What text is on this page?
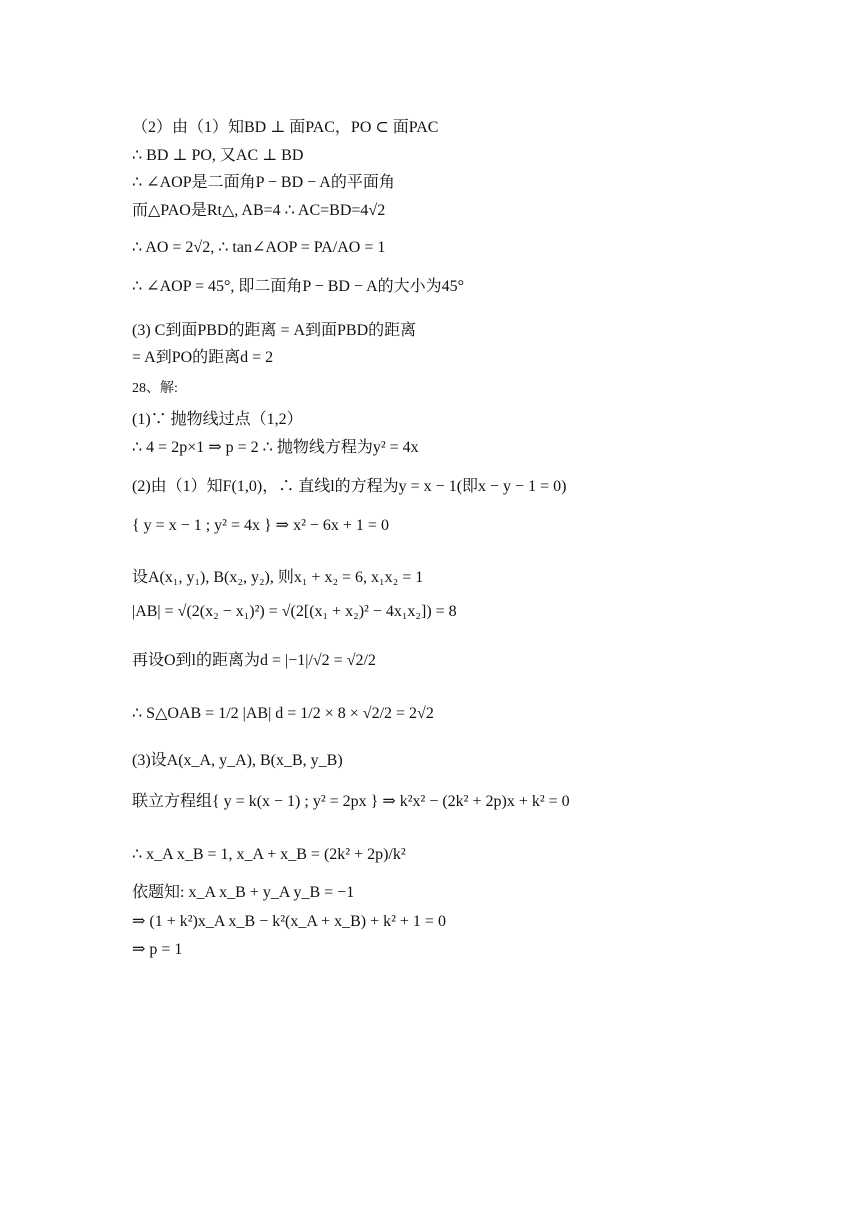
（2）由（1）知BD ⊥ 面PAC，PO ⊂ 面PAC
∴ BD ⊥ PO, 又AC ⊥ BD
∴ ∠AOP是二面角P − BD − A的平面角
而△PAO是Rt△, AB=4 ∴ AC=BD=4√2
∴ AO = 2√2, ∴ tan∠AOP = PA/AO = 1
∴ ∠AOP = 45°, 即二面角P − BD − A的大小为45°
(3) C到面PBD的距离 = A到面PBD的距离
= A到PO的距离d = 2
28、解:
(1)∵ 抛物线过点（1,2）
∴ 4 = 2p×1 ⇒ p = 2 ∴ 抛物线方程为y² = 4x
(2)由（1）知F(1,0)，∴ 直线l的方程为y = x − 1(即x − y − 1 = 0)
{ y = x − 1 ; y² = 4x } ⇒ x² − 6x + 1 = 0
设A(x₁, y₁), B(x₂, y₂), 则x₁ + x₂ = 6, x₁x₂ = 1
|AB| = √(2(x₂ − x₁)²) = √(2[(x₁ + x₂)² − 4x₁x₂]) = 8
再设O到l的距离为d = |−1|/√2 = √2/2
∴ S△OAB = 1/2 |AB| d = 1/2 × 8 × √2/2 = 2√2
(3)设A(x_A, y_A), B(x_B, y_B)
联立方程组{ y = k(x − 1) ; y² = 2px } ⇒ k²x² − (2k² + 2p)x + k² = 0
∴ x_A x_B = 1, x_A + x_B = (2k² + 2p)/k²
依题知: x_A x_B + y_A y_B = −1
⇒ (1 + k²)x_A x_B − k²(x_A + x_B) + k² + 1 = 0
⇒ p = 1
